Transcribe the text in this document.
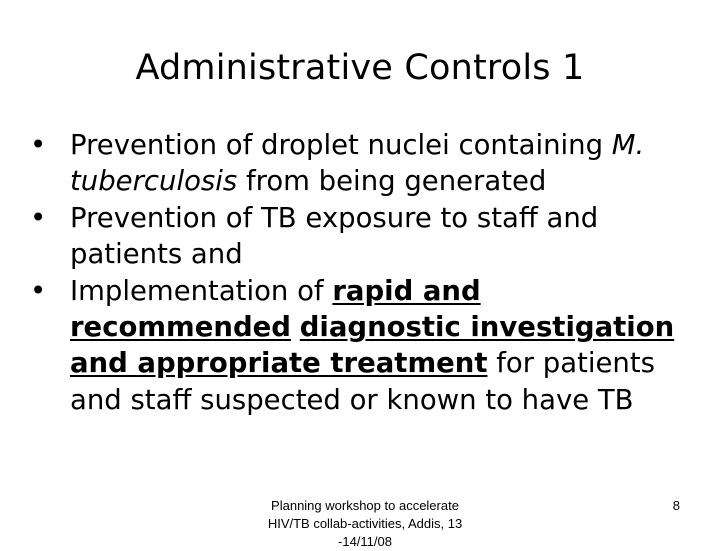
Administrative Controls 1
• Prevention of droplet nuclei containing M. tuberculosis from being generated
• Prevention of TB exposure to staff and patients and
• Implementation of rapid and recommended diagnostic investigation and appropriate treatment for patients and staff suspected or known to have TB
Planning workshop to accelerate
HIV/TB collab-activities, Addis, 13
-14/11/08
8
